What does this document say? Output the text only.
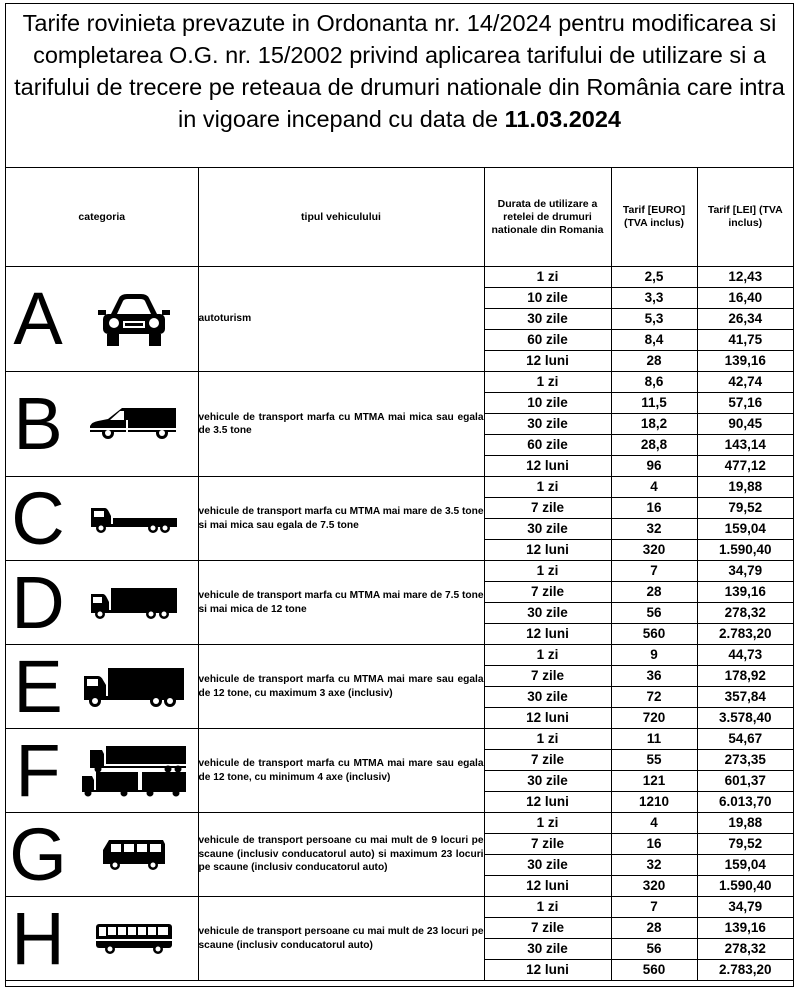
Tarife rovinieta prevazute in Ordonanta nr. 14/2024 pentru modificarea si completarea O.G. nr. 15/2002 privind aplicarea tarifului de utilizare si a tarifului de trecere pe reteaua de drumuri nationale din România care intra in vigoare incepand cu data de 11.03.2024
categoria		tipul vehiculului	Durata de utilizare a retelei de drumuri nationale din Romania	Tarif [EURO] (TVA inclus)	Tarif [LEI] (TVA inclus)
A		autoturism	1 zi	2,5	12,43
			10 zile	3,3	16,40
			30 zile	5,3	26,34
			60 zile	8,4	41,75
			12 luni	28	139,16
B		vehicule de transport marfa cu MTMA mai mica sau egala de 3.5 tone	1 zi	8,6	42,74
			10 zile	11,5	57,16
			30 zile	18,2	90,45
			60 zile	28,8	143,14
			12 luni	96	477,12
C		vehicule de transport marfa cu MTMA mai mare de 3.5 tone si mai mica sau egala de 7.5 tone	1 zi	4	19,88
			7 zile	16	79,52
			30 zile	32	159,04
			12 luni	320	1.590,40
D		vehicule de transport marfa cu MTMA mai mare de 7.5 tone si mai mica de 12 tone	1 zi	7	34,79
			7 zile	28	139,16
			30 zile	56	278,32
			12 luni	560	2.783,20
E		vehicule de transport marfa cu MTMA mai mare sau egala de 12 tone, cu maximum 3 axe (inclusiv)	1 zi	9	44,73
			7 zile	36	178,92
			30 zile	72	357,84
			12 luni	720	3.578,40
F		vehicule de transport marfa cu MTMA mai mare sau egala de 12 tone, cu minimum 4 axe (inclusiv)	1 zi	11	54,67
			7 zile	55	273,35
			30 zile	121	601,37
			12 luni	1210	6.013,70
G		vehicule de transport persoane cu mai mult de 9 locuri pe scaune (inclusiv conducatorul auto) si maximum 23 locuri pe scaune (inclusiv conducatorul auto)	1 zi	4	19,88
			7 zile	16	79,52
			30 zile	32	159,04
			12 luni	320	1.590,40
H		vehicule de transport persoane cu mai mult de 23 locuri pe scaune (inclusiv conducatorul auto)	1 zi	7	34,79
			7 zile	28	139,16
			30 zile	56	278,32
			12 luni	560	2.783,20
